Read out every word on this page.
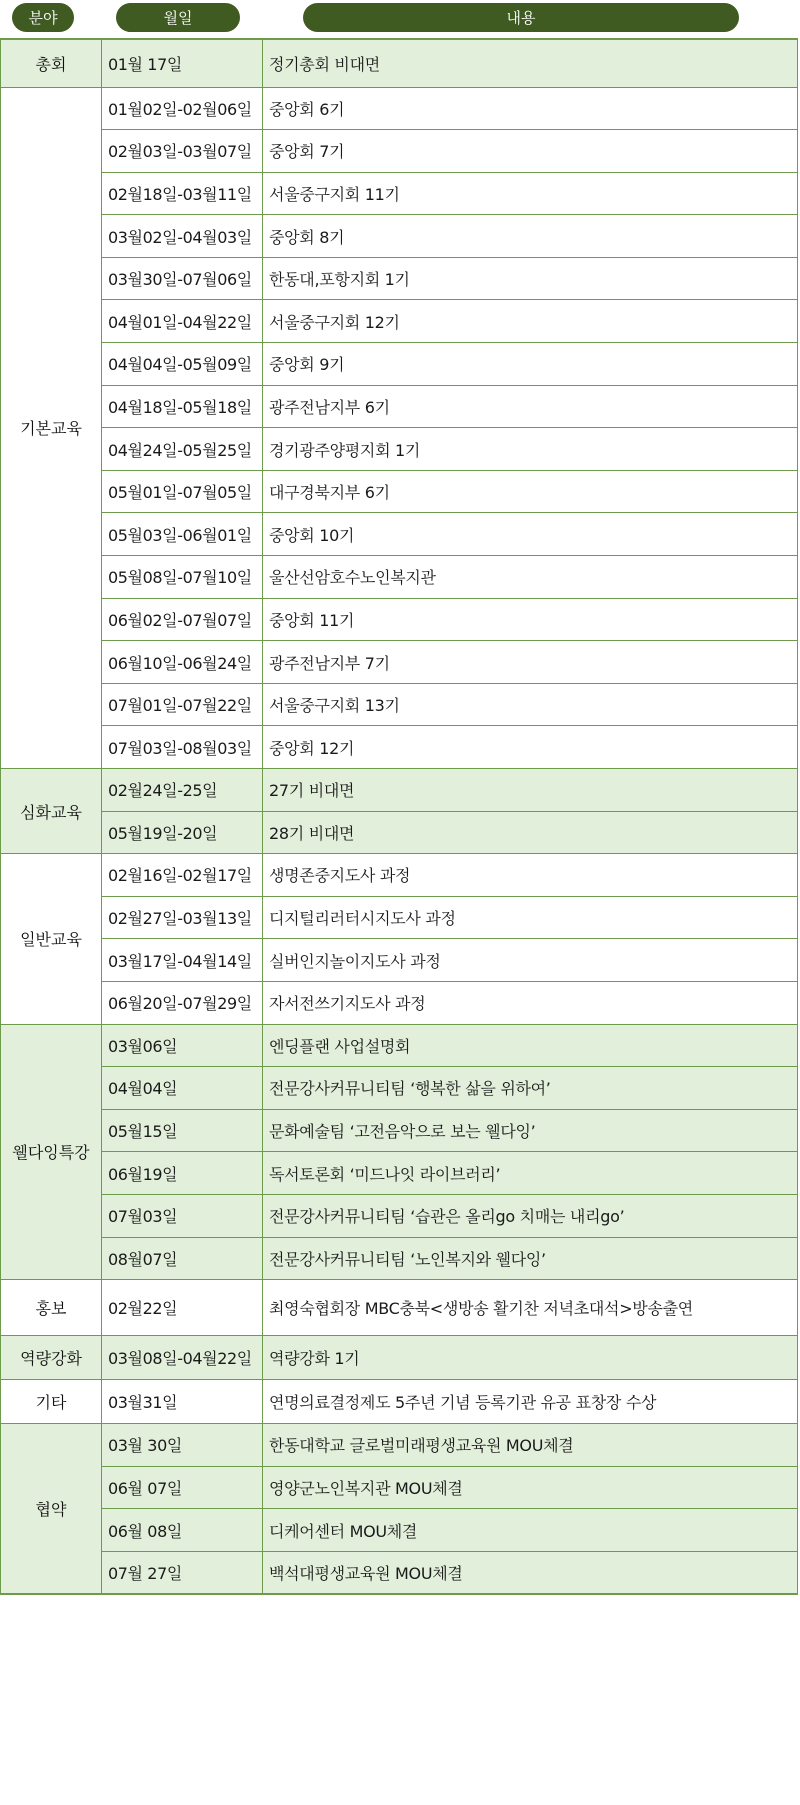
분야	월일	내용
총회	01월 17일	정기총회 비대면
기본교육	01월02일-02월06일	중앙회 6기
	02월03일-03월07일	중앙회 7기
	02월18일-03월11일	서울중구지회 11기
	03월02일-04월03일	중앙회 8기
	03월30일-07월06일	한동대,포항지회 1기
	04월01일-04월22일	서울중구지회 12기
	04월04일-05월09일	중앙회 9기
	04월18일-05월18일	광주전남지부 6기
	04월24일-05월25일	경기광주양평지회 1기
	05월01일-07월05일	대구경북지부 6기
	05월03일-06월01일	중앙회 10기
	05월08일-07월10일	울산선암호수노인복지관
	06월02일-07월07일	중앙회 11기
	06월10일-06월24일	광주전남지부 7기
	07월01일-07월22일	서울중구지회 13기
	07월03일-08월03일	중앙회 12기
심화교육	02월24일-25일	27기 비대면
	05월19일-20일	28기 비대면
일반교육	02월16일-02월17일	생명존중지도사 과정
	02월27일-03월13일	디지털리러터시지도사 과정
	03월17일-04월14일	실버인지놀이지도사 과정
	06월20일-07월29일	자서전쓰기지도사 과정
웰다잉특강	03월06일	엔딩플랜 사업설명회
	04월04일	전문강사커뮤니티팀 ‘행복한 삶을 위하여’
	05월15일	문화예술팀 ‘고전음악으로 보는 웰다잉’
	06월19일	독서토론회 ‘미드나잇 라이브러리’
	07월03일	전문강사커뮤니티팀 ‘습관은 올리go 치매는 내리go’
	08월07일	전문강사커뮤니티팀 ‘노인복지와 웰다잉’
홍보	02월22일	최영숙협회장 MBC충북<생방송 활기찬 저녁초대석>방송출연
역량강화	03월08일-04월22일	역량강화 1기
기타	03월31일	연명의료결정제도 5주년 기념 등록기관 유공 표창장 수상
협약	03월 30일	한동대학교 글로벌미래평생교육원 MOU체결
	06월 07일	영양군노인복지관 MOU체결
	06월 08일	디케어센터 MOU체결
	07월 27일	백석대평생교육원 MOU체결
